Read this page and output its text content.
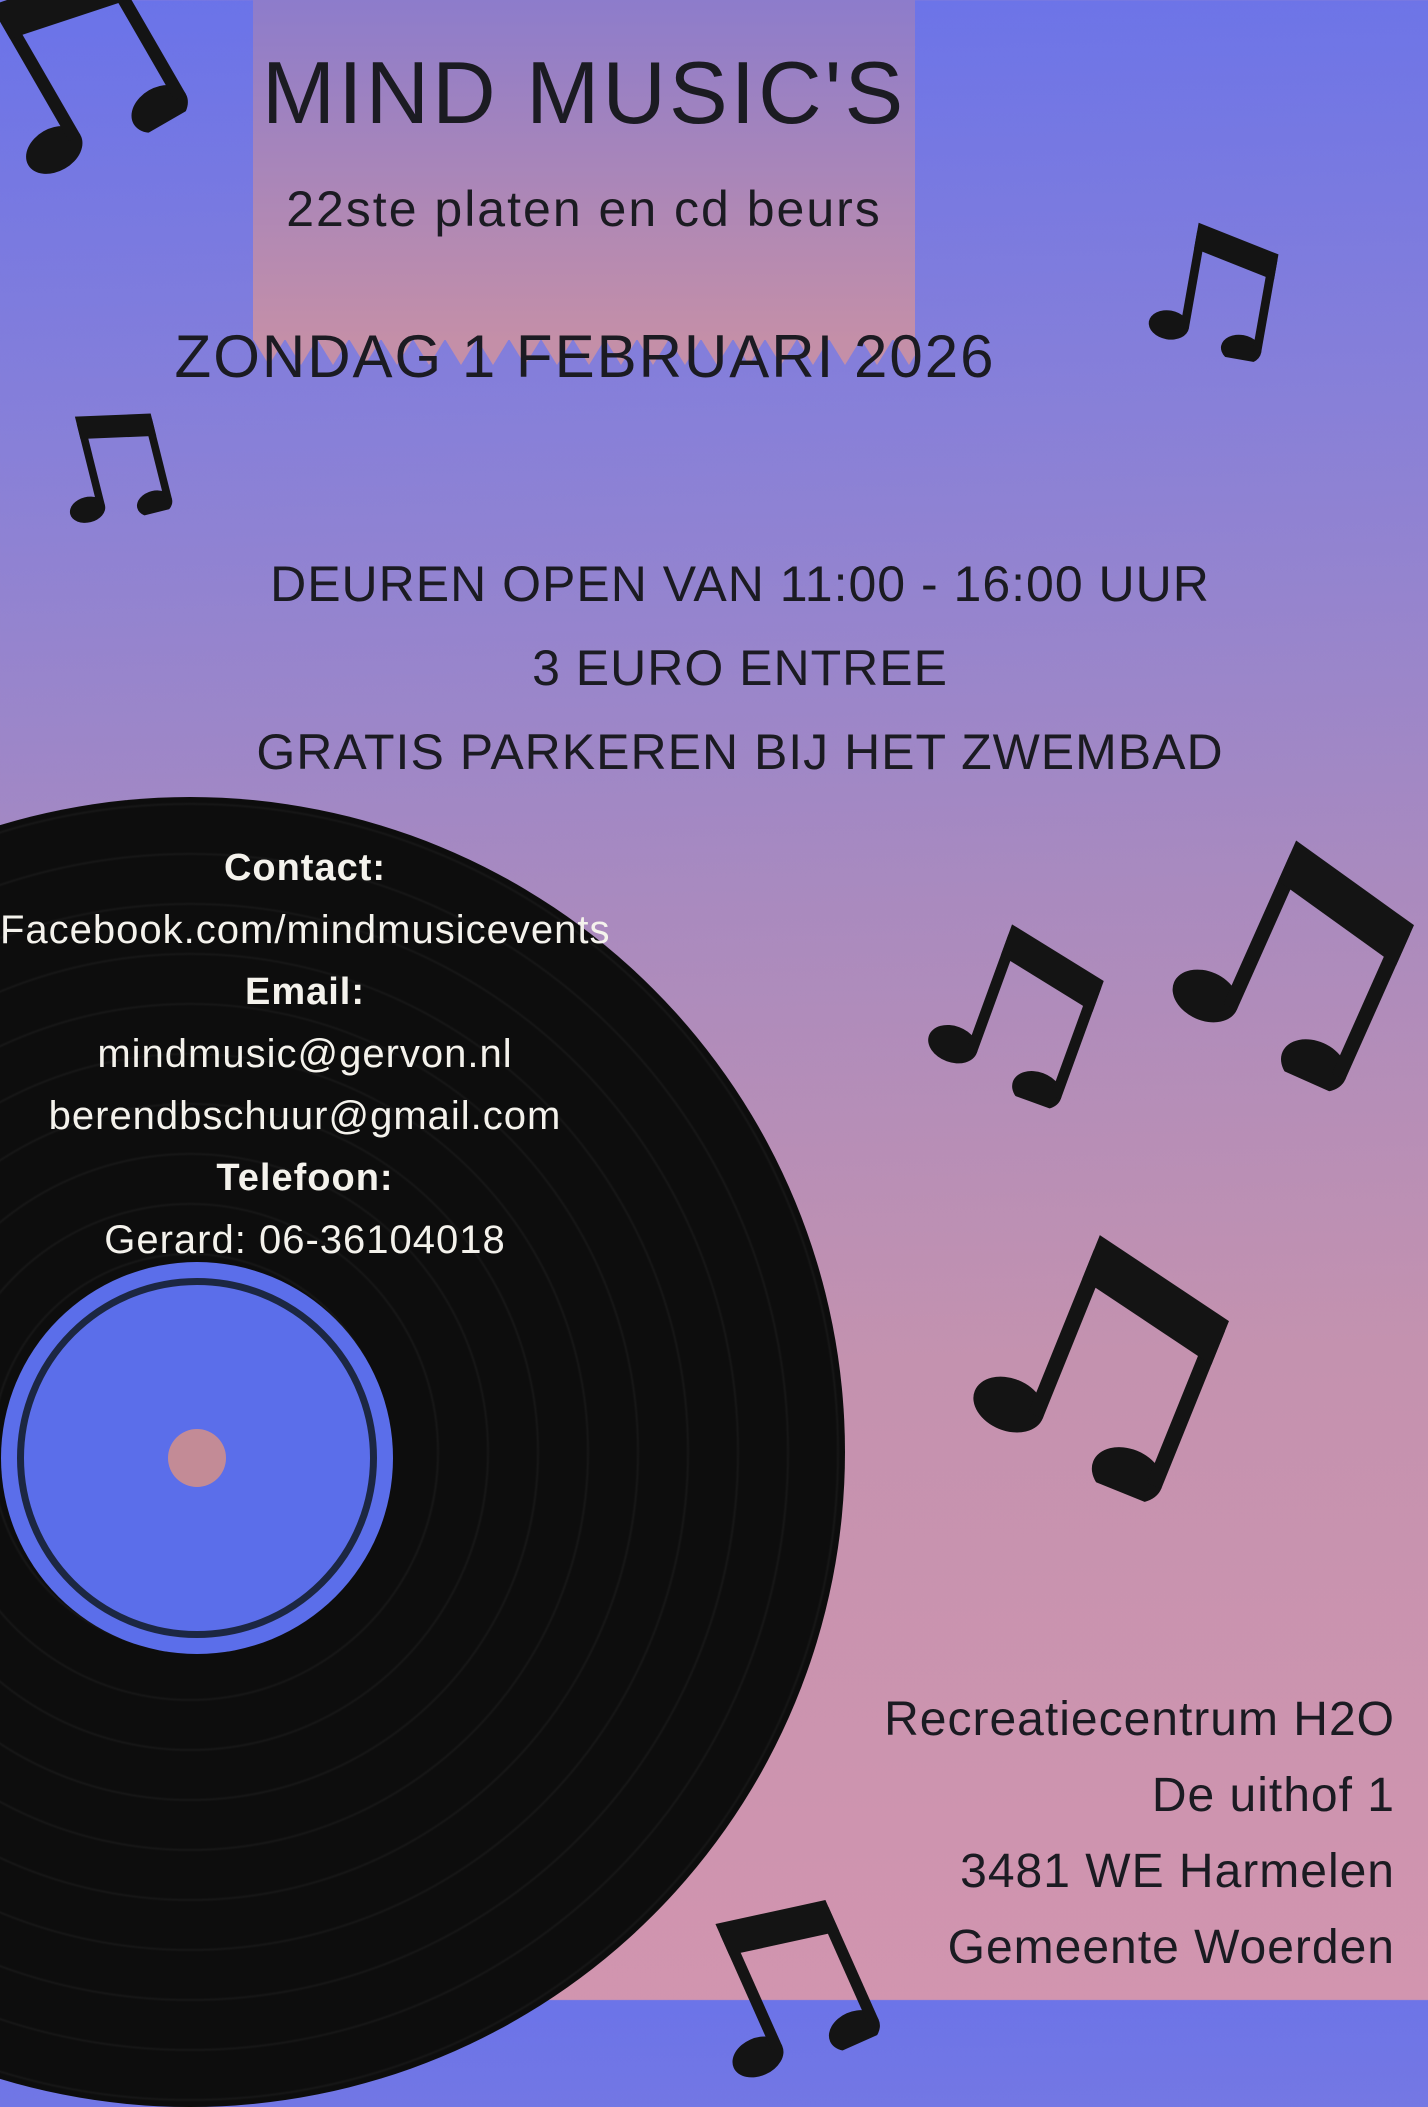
MIND MUSIC'S
22ste platen en cd beurs
ZONDAG 1 FEBRUARI 2026
DEUREN OPEN VAN 11:00 - 16:00 UUR
3 EURO ENTREE
GRATIS PARKEREN BIJ HET ZWEMBAD
Contact:
Facebook.com/mindmusicevents
Email:
mindmusic@gervon.nl
berendbschuur@gmail.com
Telefoon:
Gerard: 06-36104018
Recreatiecentrum H2O
De uithof 1
3481 WE Harmelen
Gemeente Woerden
